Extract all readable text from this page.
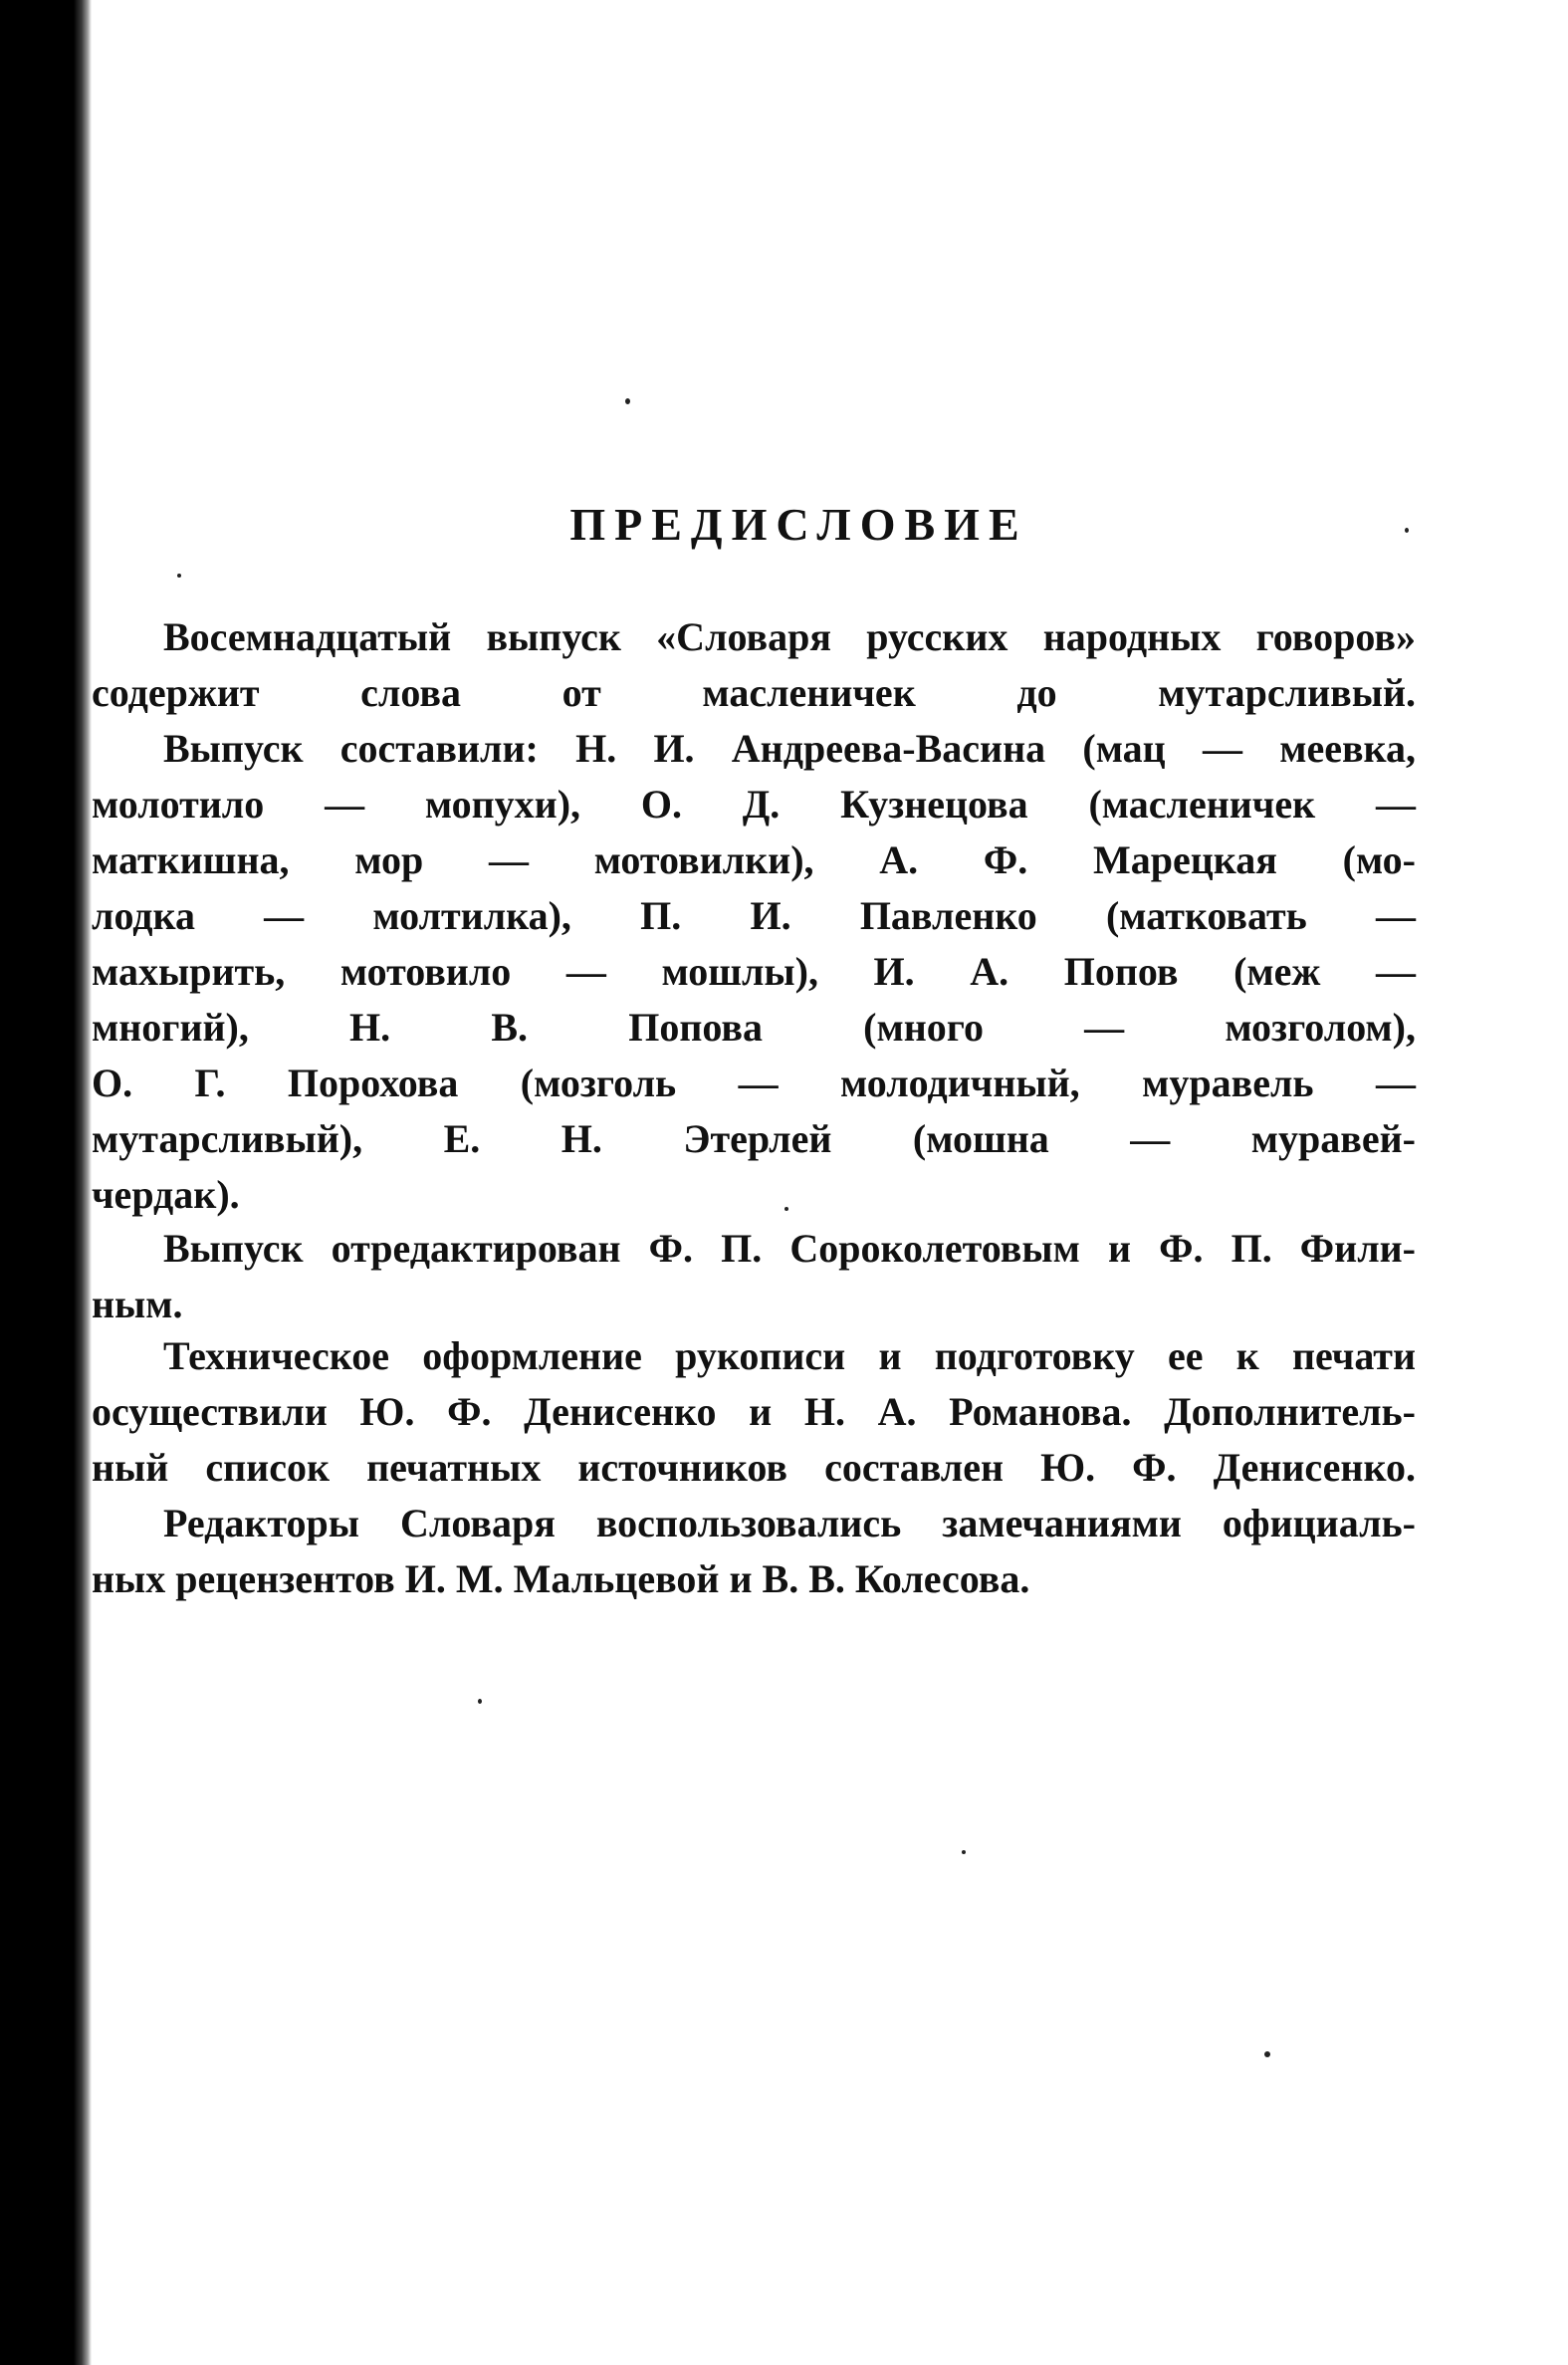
ПРЕДИСЛОВИЕ
Восемнадцатый выпуск «Словаря русских народных говоров»
содержит слова от масленичек до мутарсливый.
Выпуск составили: Н. И. Андреева-Васина (мац — меевка,
молотило — мопухи), О. Д. Кузнецова (масленичек —
маткишна, мор — мотовилки), А. Ф. Марецкая (мо-
лодка — молтилка), П. И. Павленко (матковать —
махырить, мотовило — мошлы), И. А. Попов (меж —
многий), Н. В. Попова (много — мозголом),
О. Г. Порохова (мозголь — молодичный, муравель —
мутарсливый), Е. Н. Этерлей (мошна — муравей-
чердак).
Выпуск отредактирован Ф. П. Сороколетовым и Ф. П. Фили-
ным.
Техническое оформление рукописи и подготовку ее к печати
осуществили Ю. Ф. Денисенко и Н. А. Романова. Дополнитель-
ный список печатных источников составлен Ю. Ф. Денисенко.
Редакторы Словаря воспользовались замечаниями официаль-
ных рецензентов И. М. Мальцевой и В. В. Колесова.
